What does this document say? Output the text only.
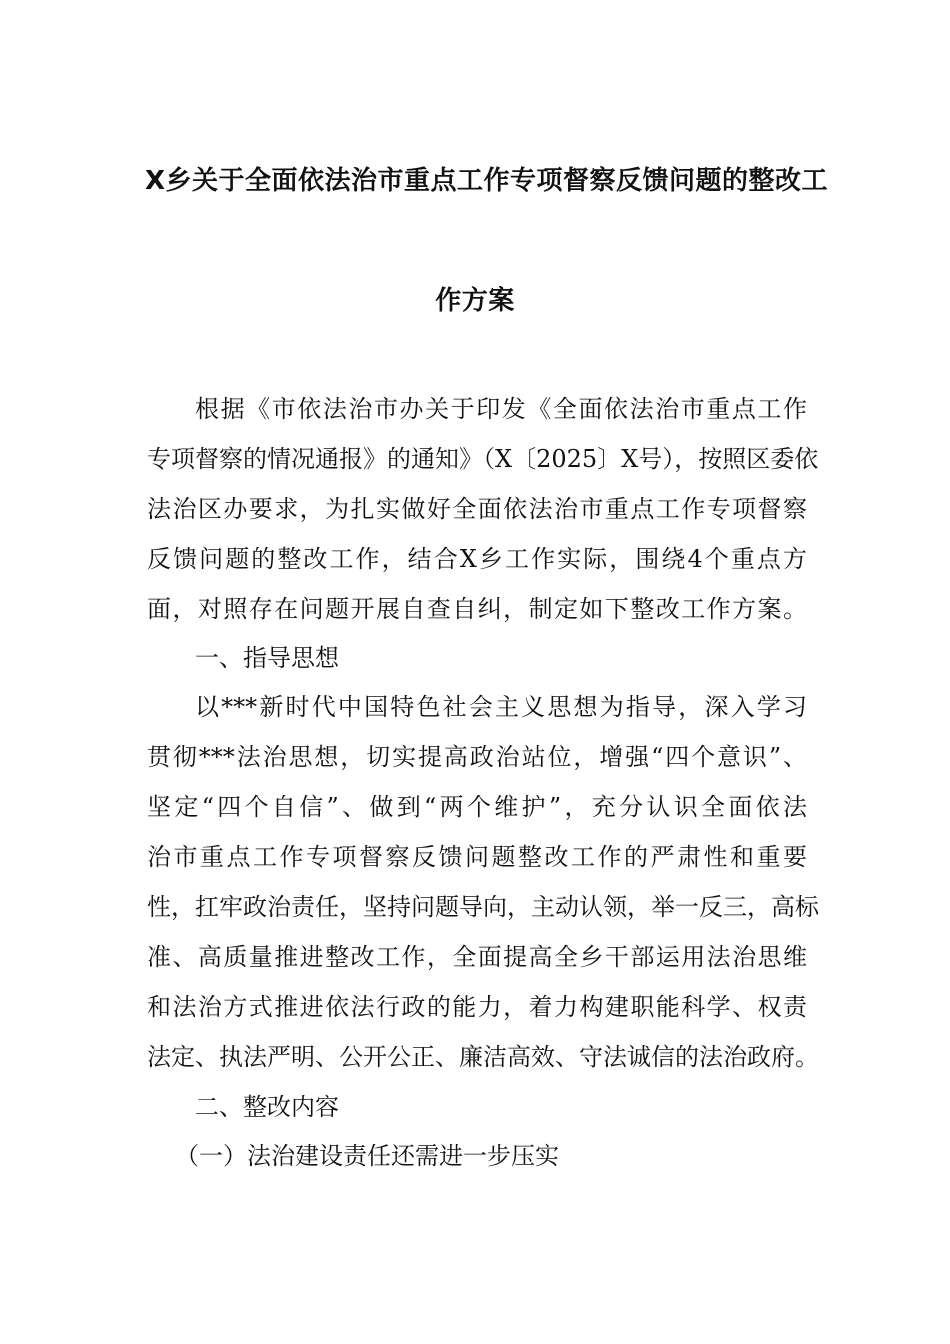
X乡关于全面依法治市重点工作专项督察反馈问题的整改工
作方案
根据《市依法治市办关于印发《全面依法治市重点工作
专项督察的情况通报》的通知》（X〔2025〕X号），按照区委依
法治区办要求，为扎实做好全面依法治市重点工作专项督察
反馈问题的整改工作，结合X乡工作实际，围绕4个重点方
面，对照存在问题开展自查自纠，制定如下整改工作方案。
一、指导思想
以***新时代中国特色社会主义思想为指导，深入学习
贯彻***法治思想，切实提高政治站位，增强“四个意识”、
坚定“四个自信”、做到“两个维护”，充分认识全面依法
治市重点工作专项督察反馈问题整改工作的严肃性和重要
性，扛牢政治责任，坚持问题导向，主动认领，举一反三，高标
准、高质量推进整改工作，全面提高全乡干部运用法治思维
和法治方式推进依法行政的能力，着力构建职能科学、权责
法定、执法严明、公开公正、廉洁高效、守法诚信的法治政府。
二、整改内容
（一）法治建设责任还需进一步压实
